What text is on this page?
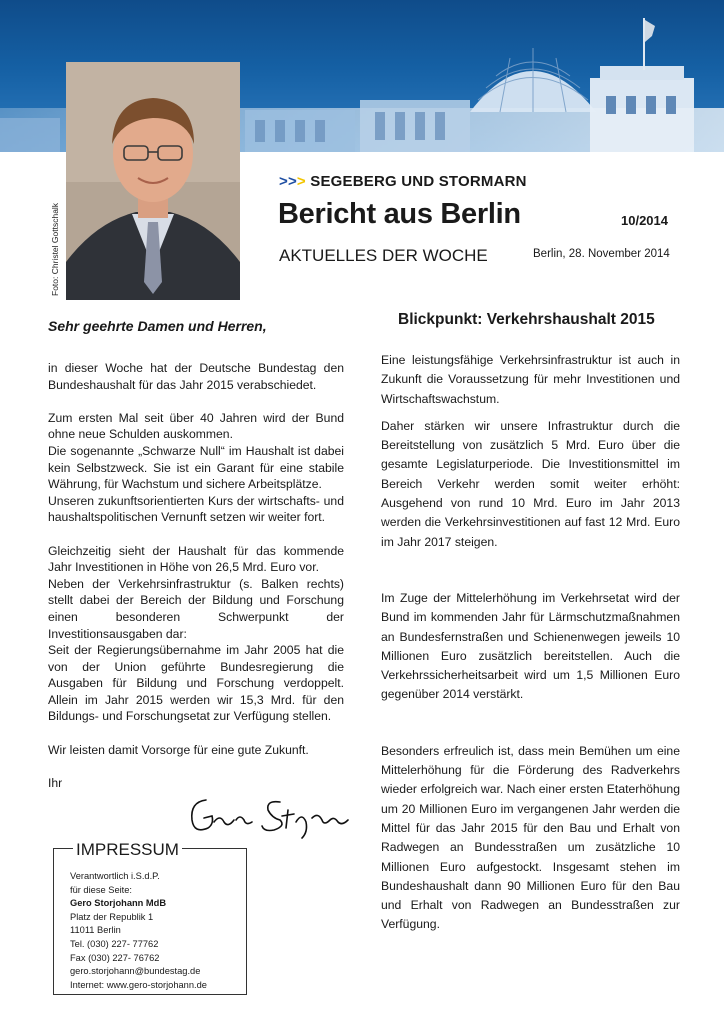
Foto: Christel Gottschalk
>>> SEGEBERG UND STORMARN
Bericht aus Berlin	10/2014
AKTUELLES DER WOCHE	Berlin, 28. November 2014
Sehr geehrte Damen und Herren,

in dieser Woche hat der Deutsche Bundestag den Bundeshaushalt für das Jahr 2015 verabschiedet.

Zum ersten Mal seit über 40 Jahren wird der Bund ohne neue Schulden auskommen.

Die sogenannte „Schwarze Null“ im Haushalt ist dabei kein Selbstzweck. Sie ist ein Garant für eine stabile Währung, für Wachstum und sichere Arbeitsplätze.

Unseren zukunftsorientierten Kurs der wirtschafts- und haushaltspolitischen Vernunft setzen wir weiter fort.

Gleichzeitig sieht der Haushalt für das kommende Jahr Investitionen in Höhe von 26,5 Mrd. Euro vor.

Neben der Verkehrsinfrastruktur (s. Balken rechts) stellt dabei der Bereich der Bildung und Forschung einen besonderen Schwerpunkt der Investitionsausgaben dar:

Seit der Regierungsübernahme im Jahr 2005 hat die von der Union geführte Bundesregierung die Ausgaben für Bildung und Forschung verdoppelt. Allein im Jahr 2015 werden wir 15,3 Mrd. für den Bildungs- und Forschungsetat zur Verfügung stellen.

Wir leisten damit Vorsorge für eine gute Zukunft.

Ihr

IMPRESSUM
Verantwortlich i.S.d.P.
für diese Seite:
Gero Storjohann MdB
Platz der Republik 1
11011 Berlin
Tel. (030) 227- 77762
Fax (030) 227- 76762
gero.storjohann@bundestag.de
Internet: www.gero-storjohann.de
Blickpunkt: Verkehrshaushalt 2015

Eine leistungsfähige Verkehrsinfrastruktur ist auch in Zukunft die Voraussetzung für mehr Investitionen und Wirtschaftswachstum.

Daher stärken wir unsere Infrastruktur durch die Bereitstellung von zusätzlich 5 Mrd. Euro über die gesamte Legislaturperiode. Die Investitionsmittel im Bereich Verkehr werden somit weiter erhöht: Ausgehend von rund 10 Mrd. Euro im Jahr 2013 werden die Verkehrsinvestitionen auf fast 12 Mrd. Euro im Jahr 2017 steigen.

Im Zuge der Mittelerhöhung im Verkehrsetat wird der Bund im kommenden Jahr für Lärmschutzmaßnahmen an Bundesfernstraßen und Schienenwegen jeweils 10 Millionen Euro zusätzlich bereitstellen. Auch die Verkehrssicherheitsarbeit wird um 1,5 Millionen Euro gegenüber 2014 verstärkt.

Besonders erfreulich ist, dass mein Bemühen um eine Mittelerhöhung für die Förderung des Radverkehrs wieder erfolgreich war. Nach einer ersten Etaterhöhung um 20 Millionen Euro im vergangenen Jahr werden die Mittel für das Jahr 2015 für den Bau und Erhalt von Radwegen an Bundesstraßen um zusätzliche 10 Millionen Euro aufgestockt. Insgesamt stehen im Bundeshaushalt dann 90 Millionen Euro für den Bau und Erhalt von Radwegen an Bundesstraßen zur Verfügung.
